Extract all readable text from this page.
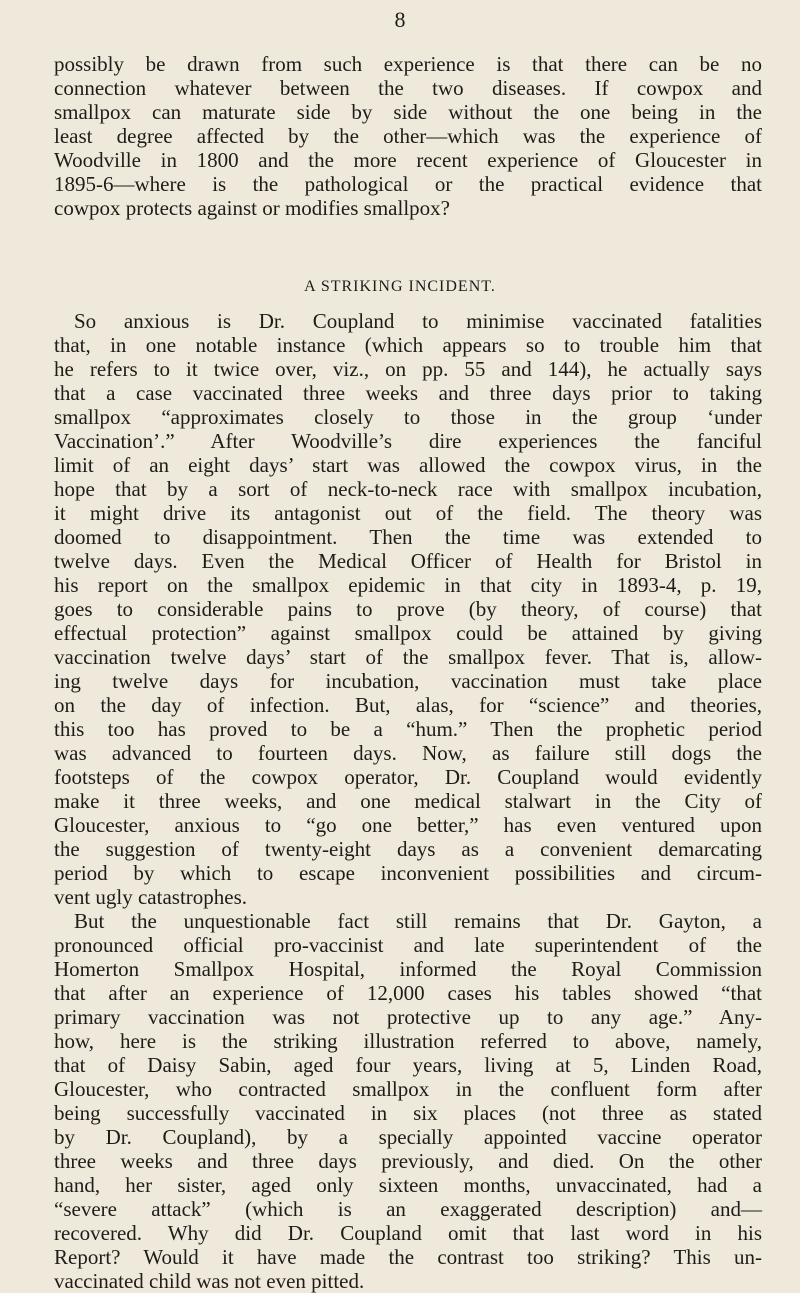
8
possibly be drawn from such experience is that there can be no
connection whatever between the two diseases. If cowpox and
smallpox can maturate side by side without the one being in the
least degree affected by the other—which was the experience of
Woodville in 1800 and the more recent experience of Gloucester in
1895-6—where is the pathological or the practical evidence that
cowpox protects against or modifies smallpox?
A STRIKING INCIDENT.
So anxious is Dr. Coupland to minimise vaccinated fatalities
that, in one notable instance (which appears so to trouble him that
he refers to it twice over, viz., on pp. 55 and 144), he actually says
that a case vaccinated three weeks and three days prior to taking
smallpox “approximates closely to those in the group ‘under
Vaccination’.” After Woodville’s dire experiences the fanciful
limit of an eight days’ start was allowed the cowpox virus, in the
hope that by a sort of neck-to-neck race with smallpox incubation,
it might drive its antagonist out of the field. The theory was
doomed to disappointment. Then the time was extended to
twelve days. Even the Medical Officer of Health for Bristol in
his report on the smallpox epidemic in that city in 1893-4, p. 19,
goes to considerable pains to prove (by theory, of course) that
effectual protection” against smallpox could be attained by giving
vaccination twelve days’ start of the smallpox fever. That is, allow-
ing twelve days for incubation, vaccination must take place
on the day of infection. But, alas, for “science” and theories,
this too has proved to be a “hum.” Then the prophetic period
was advanced to fourteen days. Now, as failure still dogs the
footsteps of the cowpox operator, Dr. Coupland would evidently
make it three weeks, and one medical stalwart in the City of
Gloucester, anxious to “go one better,” has even ventured upon
the suggestion of twenty-eight days as a convenient demarcating
period by which to escape inconvenient possibilities and circum-
vent ugly catastrophes.
But the unquestionable fact still remains that Dr. Gayton, a
pronounced official pro-vaccinist and late superintendent of the
Homerton Smallpox Hospital, informed the Royal Commission
that after an experience of 12,000 cases his tables showed “that
primary vaccination was not protective up to any age.” Any-
how, here is the striking illustration referred to above, namely,
that of Daisy Sabin, aged four years, living at 5, Linden Road,
Gloucester, who contracted smallpox in the confluent form after
being successfully vaccinated in six places (not three as stated
by Dr. Coupland), by a specially appointed vaccine operator
three weeks and three days previously, and died. On the other
hand, her sister, aged only sixteen months, unvaccinated, had a
“severe attack” (which is an exaggerated description) and—
recovered. Why did Dr. Coupland omit that last word in his
Report? Would it have made the contrast too striking? This un-
vaccinated child was not even pitted.
